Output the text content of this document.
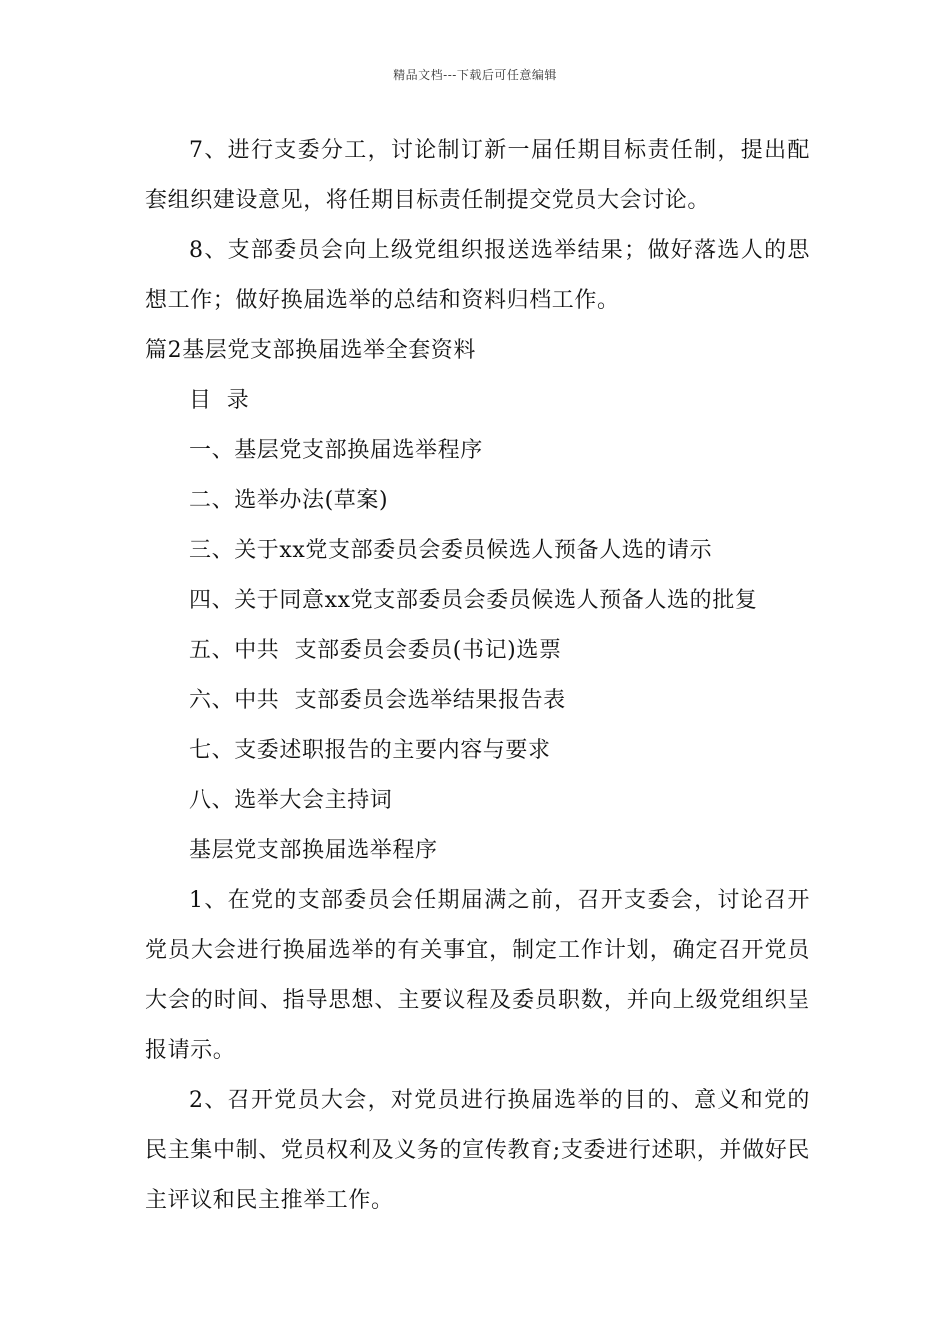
精品文档---下载后可任意编辑

7、进行支委分工，讨论制订新一届任期目标责任制，提出配套组织建设意见，将任期目标责任制提交党员大会讨论。

8、支部委员会向上级党组织报送选举结果；做好落选人的思想工作；做好换届选举的总结和资料归档工作。

篇2基层党支部换届选举全套资料

目  录

一、基层党支部换届选举程序

二、选举办法(草案)

三、关于xx党支部委员会委员候选人预备人选的请示

四、关于同意xx党支部委员会委员候选人预备人选的批复

五、中共  支部委员会委员(书记)选票

六、中共  支部委员会选举结果报告表

七、支委述职报告的主要内容与要求

八、选举大会主持词

基层党支部换届选举程序

1、在党的支部委员会任期届满之前，召开支委会，讨论召开党员大会进行换届选举的有关事宜，制定工作计划，确定召开党员大会的时间、指导思想、主要议程及委员职数，并向上级党组织呈报请示。

2、召开党员大会，对党员进行换届选举的目的、意义和党的民主集中制、党员权利及义务的宣传教育;支委进行述职，并做好民主评议和民主推举工作。
